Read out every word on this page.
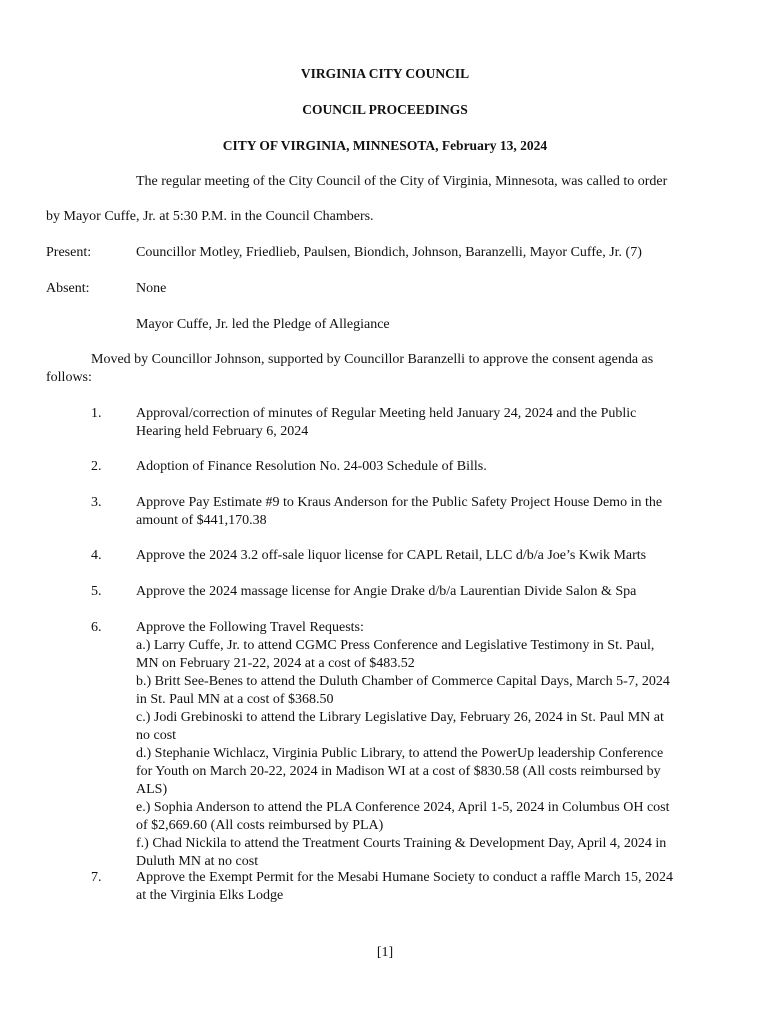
VIRGINIA CITY COUNCIL
COUNCIL PROCEEDINGS
CITY OF VIRGINIA, MINNESOTA, February 13, 2024
The regular meeting of the City Council of the City of Virginia, Minnesota, was called to order
by Mayor Cuffe, Jr. at 5:30 P.M. in the Council Chambers.
Present:	Councillor Motley, Friedlieb, Paulsen, Biondich, Johnson, Baranzelli, Mayor Cuffe, Jr. (7)
Absent:	None
Mayor Cuffe, Jr. led the Pledge of Allegiance
Moved by Councillor Johnson, supported by Councillor Baranzelli to approve the consent agenda as
follows:
1. Approval/correction of minutes of Regular Meeting held January 24, 2024 and the Public
Hearing held February 6, 2024
2. Adoption of Finance Resolution No. 24-003 Schedule of Bills.
3. Approve Pay Estimate #9 to Kraus Anderson for the Public Safety Project House Demo in the
amount of $441,170.38
4. Approve the 2024 3.2 off-sale liquor license for CAPL Retail, LLC d/b/a Joe’s Kwik Marts
5. Approve the 2024 massage license for Angie Drake d/b/a Laurentian Divide Salon & Spa
6. Approve the Following Travel Requests:
a.) Larry Cuffe, Jr. to attend CGMC Press Conference and Legislative Testimony in St. Paul,
MN on February 21-22, 2024 at a cost of $483.52
b.) Britt See-Benes to attend the Duluth Chamber of Commerce Capital Days, March 5-7, 2024
in St. Paul MN at a cost of $368.50
c.) Jodi Grebinoski to attend the Library Legislative Day, February 26, 2024 in St. Paul MN at
no cost
d.) Stephanie Wichlacz, Virginia Public Library, to attend the PowerUp leadership Conference
for Youth on March 20-22, 2024 in Madison WI at a cost of $830.58 (All costs reimbursed by
ALS)
e.) Sophia Anderson to attend the PLA Conference 2024, April 1-5, 2024 in Columbus OH cost
of $2,669.60 (All costs reimbursed by PLA)
f.) Chad Nickila to attend the Treatment Courts Training & Development Day, April 4, 2024 in
Duluth MN at no cost
7. Approve the Exempt Permit for the Mesabi Humane Society to conduct a raffle March 15, 2024
at the Virginia Elks Lodge
[1]
